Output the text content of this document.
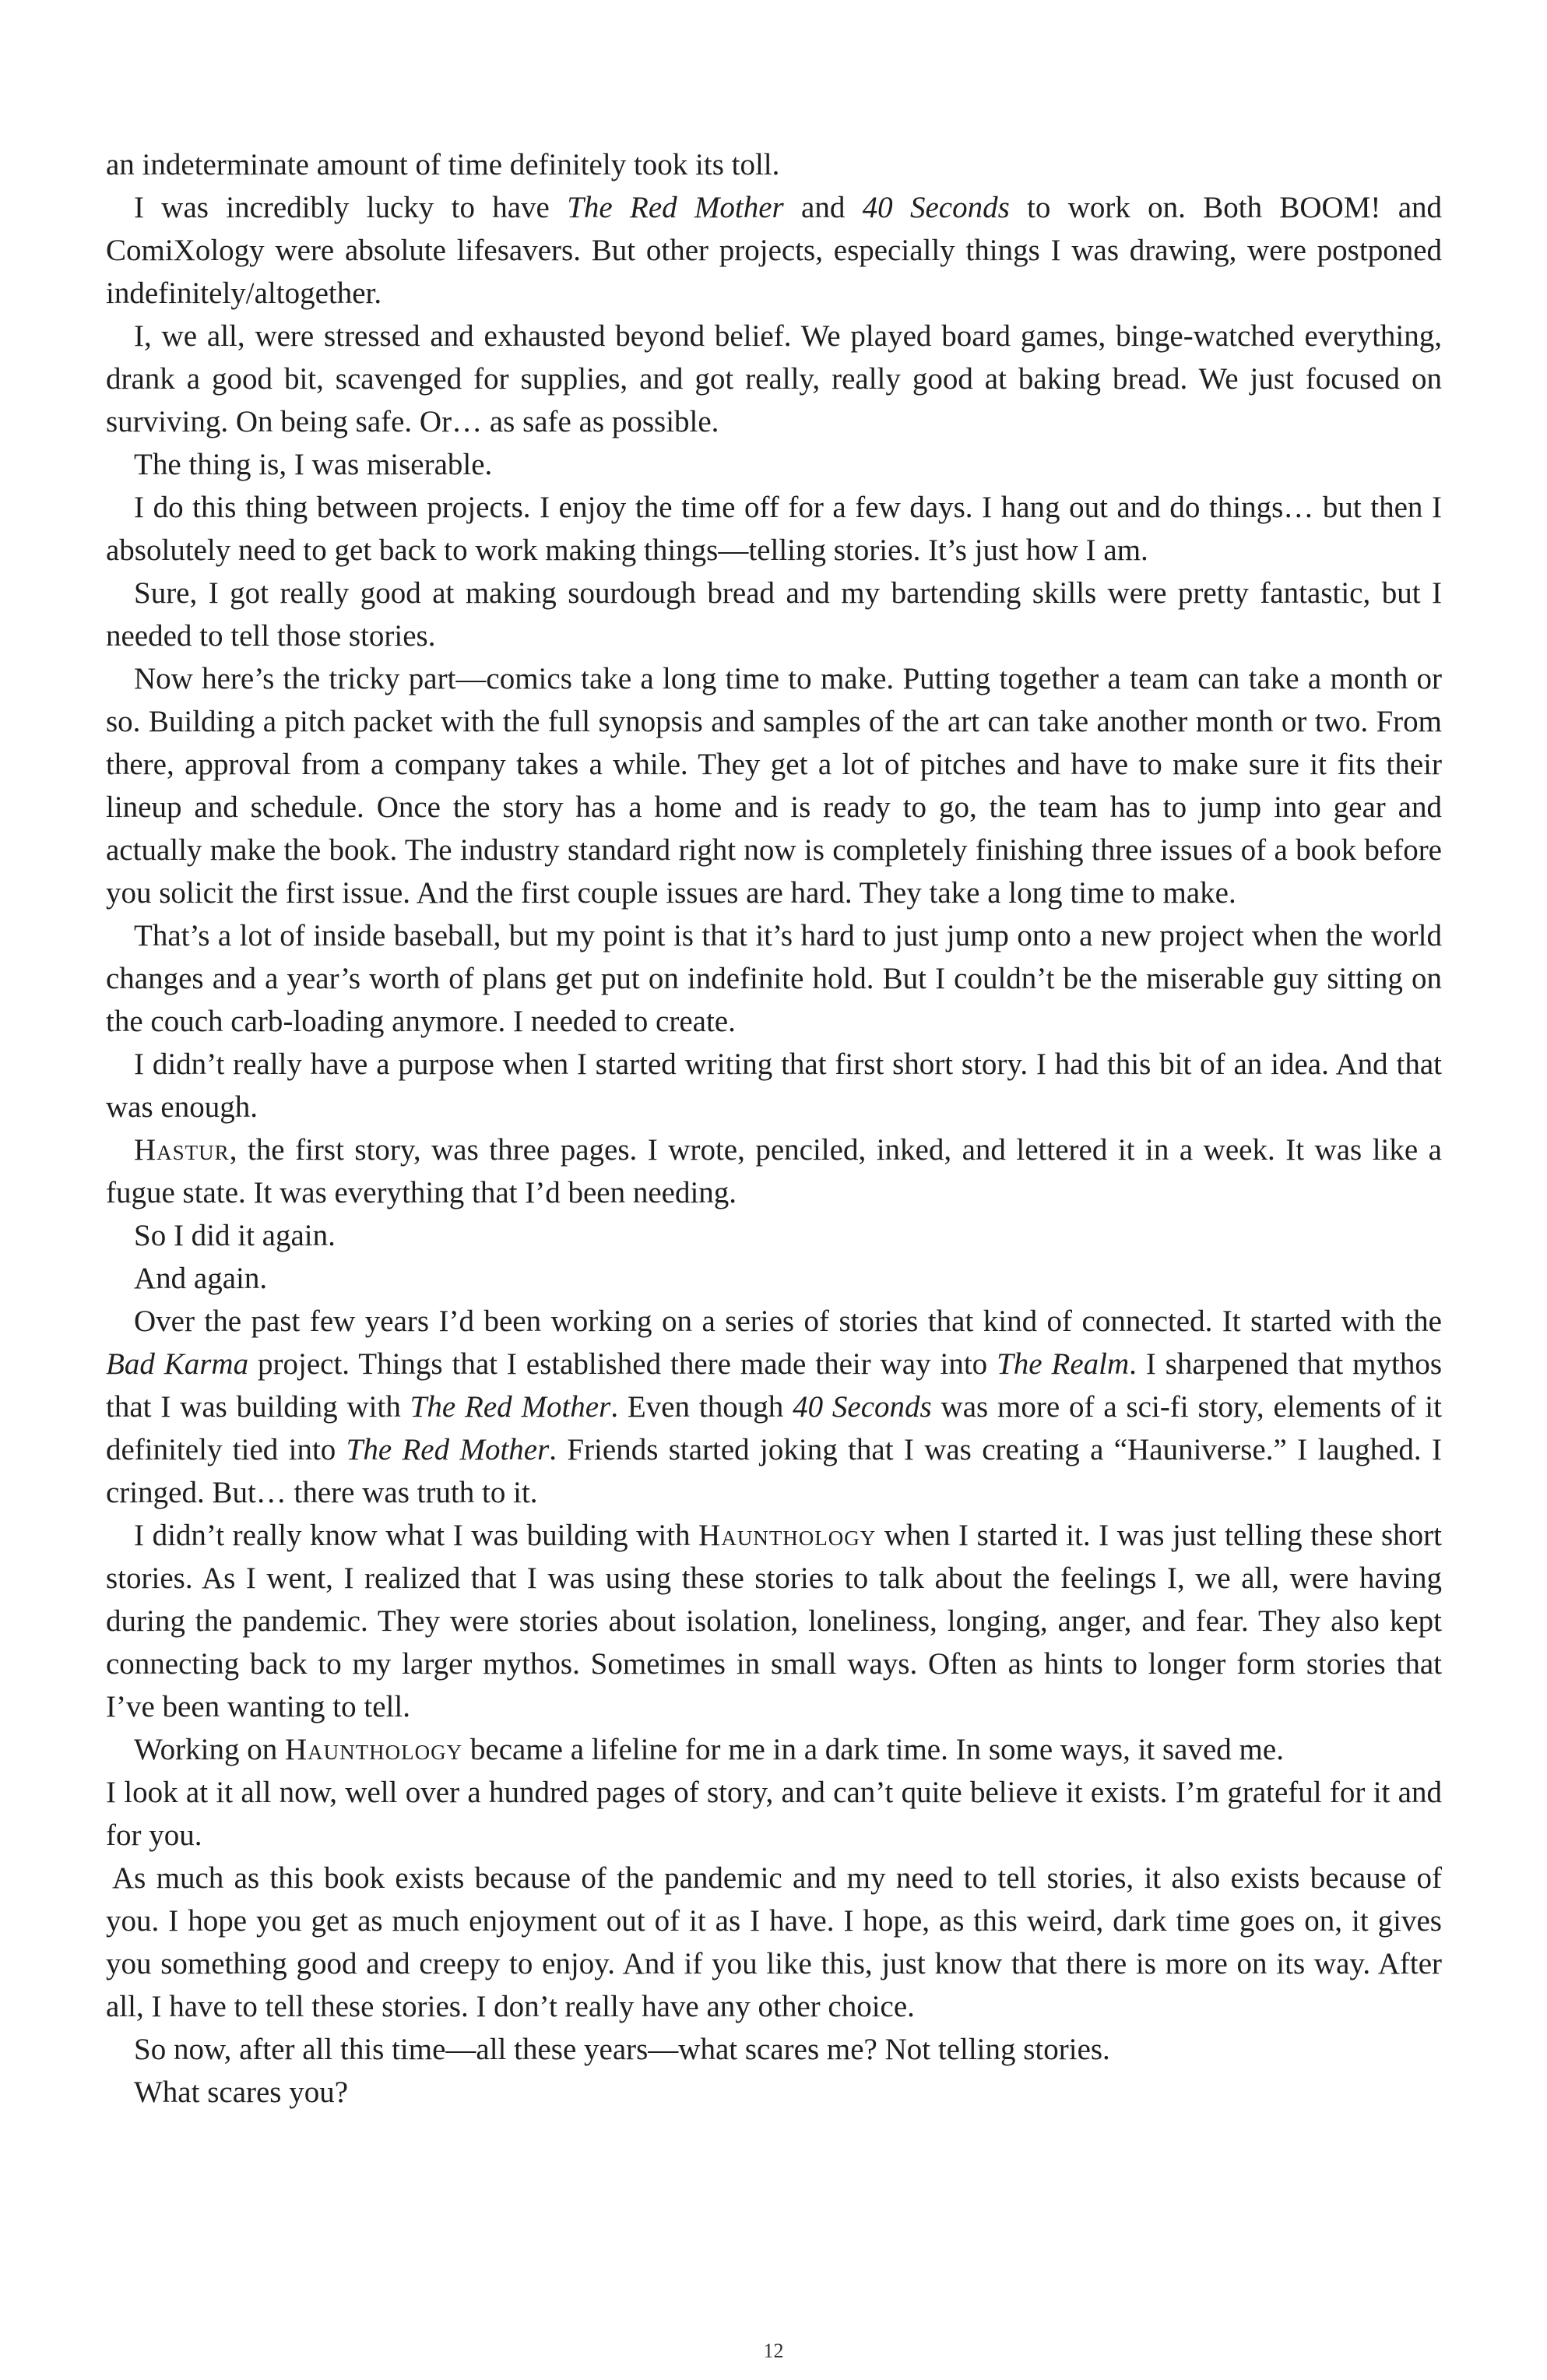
an indeterminate amount of time definitely took its toll.

I was incredibly lucky to have The Red Mother and 40 Seconds to work on. Both BOOM! and ComiXology were absolute lifesavers. But other projects, especially things I was drawing, were postponed indefinitely/altogether.

I, we all, were stressed and exhausted beyond belief. We played board games, binge-watched everything, drank a good bit, scavenged for supplies, and got really, really good at baking bread. We just focused on surviving. On being safe. Or… as safe as possible.

The thing is, I was miserable.

I do this thing between projects. I enjoy the time off for a few days. I hang out and do things… but then I absolutely need to get back to work making things—telling stories. It’s just how I am.

Sure, I got really good at making sourdough bread and my bartending skills were pretty fantastic, but I needed to tell those stories.

Now here’s the tricky part—comics take a long time to make. Putting together a team can take a month or so. Building a pitch packet with the full synopsis and samples of the art can take another month or two. From there, approval from a company takes a while. They get a lot of pitches and have to make sure it fits their lineup and schedule. Once the story has a home and is ready to go, the team has to jump into gear and actually make the book. The industry standard right now is completely finishing three issues of a book before you solicit the first issue. And the first couple issues are hard. They take a long time to make.

That’s a lot of inside baseball, but my point is that it’s hard to just jump onto a new project when the world changes and a year’s worth of plans get put on indefinite hold. But I couldn’t be the miserable guy sitting on the couch carb-loading anymore. I needed to create.

I didn’t really have a purpose when I started writing that first short story. I had this bit of an idea. And that was enough.

Hastur, the first story, was three pages. I wrote, penciled, inked, and lettered it in a week. It was like a fugue state. It was everything that I’d been needing.

So I did it again.

And again.

Over the past few years I’d been working on a series of stories that kind of connected. It started with the Bad Karma project. Things that I established there made their way into The Realm. I sharpened that mythos that I was building with The Red Mother. Even though 40 Seconds was more of a sci-fi story, elements of it definitely tied into The Red Mother. Friends started joking that I was creating a “Hauniverse.” I laughed. I cringed. But… there was truth to it.

I didn’t really know what I was building with Haunthology when I started it. I was just telling these short stories. As I went, I realized that I was using these stories to talk about the feelings I, we all, were having during the pandemic. They were stories about isolation, loneliness, longing, anger, and fear. They also kept connecting back to my larger mythos. Sometimes in small ways. Often as hints to longer form stories that I’ve been wanting to tell.

Working on Haunthology became a lifeline for me in a dark time. In some ways, it saved me.

I look at it all now, well over a hundred pages of story, and can’t quite believe it exists. I’m grateful for it and for you.

As much as this book exists because of the pandemic and my need to tell stories, it also exists because of you. I hope you get as much enjoyment out of it as I have. I hope, as this weird, dark time goes on, it gives you something good and creepy to enjoy. And if you like this, just know that there is more on its way. After all, I have to tell these stories. I don’t really have any other choice.

So now, after all this time—all these years—what scares me? Not telling stories.

What scares you?

12
